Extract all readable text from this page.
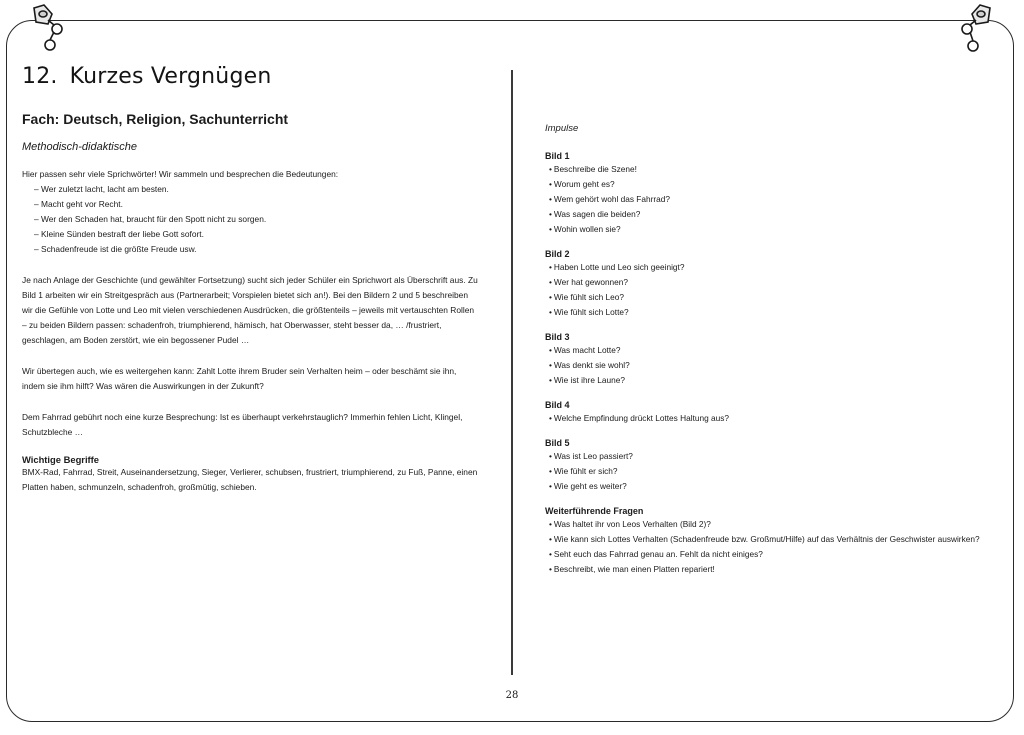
12. Kurzes Vergnügen
Fach: Deutsch, Religion, Sachunterricht

Methodisch-didaktische

Hier passen sehr viele Sprichwörter! Wir sammeln und besprechen die Bedeutungen:

– Wer zuletzt lacht, lacht am besten.
– Macht geht vor Recht.
– Wer den Schaden hat, braucht für den Spott nicht zu sorgen.
– Kleine Sünden bestraft der liebe Gott sofort.
– Schadenfreude ist die größte Freude usw.

Je nach Anlage der Geschichte (und gewählter Fortsetzung) sucht sich jeder Schüler ein Sprichwort als Überschrift aus. Zu Bild 1 arbeiten wir ein Streitgespräch aus (Partnerarbeit; Vorspielen bietet sich an!). Bei den Bildern 2 und 5 beschreiben wir die Gefühle von Lotte und Leo mit vielen verschiedenen Ausdrücken, die größtenteils – jeweils mit vertauschten Rollen – zu beiden Bildern passen: schadenfroh, triumphierend, hämisch, hat Oberwasser, steht besser da, … /frustriert, geschlagen, am Boden zerstört, wie ein begossener Pudel …

Wir übertegen auch, wie es weitergehen kann: Zahlt Lotte ihrem Bruder sein Verhalten heim – oder beschämt sie ihn, indem sie ihm hilft? Was wären die Auswirkungen in der Zukunft?

Dem Fahrrad gebührt noch eine kurze Besprechung: Ist es überhaupt verkehrstauglich? Immerhin fehlen Licht, Klingel, Schutzbleche …

Wichtige Begriffe

BMX-Rad, Fahrrad, Streit, Auseinandersetzung, Sieger, Verlierer, schubsen, frustriert, triumphierend, zu Fuß, Panne, einen Platten haben, schmunzeln, schadenfroh, großmütig, schieben.

Impulse

Bild 1
• Beschreibe die Szene!
• Worum geht es?
• Wem gehört wohl das Fahrrad?
• Was sagen die beiden?
• Wohin wollen sie?
Bild 2
• Haben Lotte und Leo sich geeinigt?
• Wer hat gewonnen?
• Wie fühlt sich Leo?
• Wie fühlt sich Lotte?
Bild 3
• Was macht Lotte?
• Was denkt sie wohl?
• Wie ist ihre Laune?
Bild 4
• Welche Empfindung drückt Lottes Haltung aus?
Bild 5
• Was ist Leo passiert?
• Wie fühlt er sich?
• Wie geht es weiter?
Weiterführende Fragen
• Was haltet ihr von Leos Verhalten (Bild 2)?
• Wie kann sich Lottes Verhalten (Schadenfreude bzw. Großmut/Hilfe) auf das Verhältnis der Geschwister auswirken?
• Seht euch das Fahrrad genau an. Fehlt da nicht einiges?
• Beschreibt, wie man einen Platten repariert!
28
